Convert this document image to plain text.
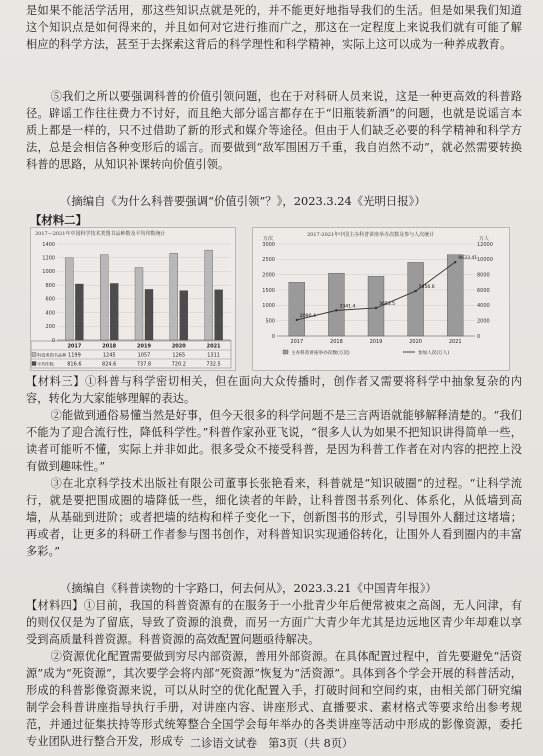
是如果不能活学活用，那这些知识点就是死的，并不能更好地指导我们的生活。但是如果我们知道这个知识点是如何得来的，并且如何对它进行推而广之，那这在一定程度上来说我们就有可能了解相应的科学方法，甚至于去探索这背后的科学理性和科学精神，实际上这可以成为一种养成教育。
⑤我们之所以要强调科普的价值引领问题，也在于对科研人员来说，这是一种更高效的科普路径。辟谣工作往往费力不讨好，而且绝大部分谣言都存在于“旧瓶装新酒”的问题，也就是说谣言本质上都是一样的，只不过借助了新的形式和媒介等途径。但由于人们缺乏必要的科学精神和科学方法，总是会相信各种变形后的谣言。而要做到“敌军围困万千重，我自岿然不动”，就必然需要转换科普的思路，从知识补课转向价值引领。
（摘编自《为什么科普要强调“价值引领”？》，2023.3.24《光明日报》）
【材料二】
2017—2021年中国科学技术类图书品种数及平均印数统计
0
200
400
600
800
1000
1200
1400
2017	2018	2019	2020	2021
科技类图书品种 1199	1245	1057	1265	1311
平均印数	816.6	824.6	737.8	720.2	732.5
2017-2021年中国主办科普讲座举办次数及参与人次统计
万次	万人
0
500
1000
1500
2000
2500
3000
0
2000
4000
6000
8000
10000
12000
2017	2018	2019	2020	2021
2090.4
3341.4	3653.5
5856.6
9633.41
主办科普讲座举办次数(万次)	参加人次(万人)
【材料三】①科普与科学密切相关，但在面向大众传播时，创作者又需要将科学中抽象复杂的内容，转化为大家能够理解的表达。
②能做到通俗易懂当然是好事，但今天很多的科学问题不是三言两语就能够解释清楚的。“我们不能为了迎合流行性，降低科学性。”科普作家孙亚飞说，“很多人认为如果不把知识讲得简单一些，读者可能听不懂，实际上并非如此。很多受众不接受科普，是因为科普工作者在对内容的把控上没有做到趣味性。”
③在北京科学技术出版社有限公司董事长张艳看来，科普就是“知识破圈”的过程。“让科学流行，就是要把围成圈的墙降低一些，细化读者的年龄，让科普图书系列化、体系化，从低墙到高墙，从基础到进阶；或者把墙的结构和样子变化一下，创新图书的形式，引导围外人翻过这堵墙；再或者，让更多的科研工作者参与图书创作，对科普知识实现通俗转化，让围外人看到圈内的丰富多彩。”
（摘编自《科普读物的十字路口，何去何从》，2023.3.21《中国青年报》）
【材料四】①目前，我国的科普资源有的在服务于一小批青少年后便常被束之高阁，无人问津，有的则仅仅是为了留底，导致了资源的浪费，而另一方面广大青少年尤其是边远地区青少年却难以享受到高质量科普资源。科普资源的高效配置问题亟待解决。
②资源优化配置需要做到穷尽内部资源，善用外部资源。在具体配置过程中，首先要避免“活资源”成为“死资源”，其次要学会将内部“死资源”恢复为“活资源”。具体到各个学会开展的科普活动，形成的科普影像资源来说，可以从时空的优化配置入手，打破时间和空间约束，由相关部门研究编制学会科普讲座指导执行手册，对讲座内容、讲座形式、直播要求、素材格式等要求给出参考规范，并通过征集扶持等形式统筹整合全国学会每年举办的各类讲座等活动中形成的影像资源，委托专业团队进行整合开发，形成专 二诊语文试卷　第3页（共 8页）
